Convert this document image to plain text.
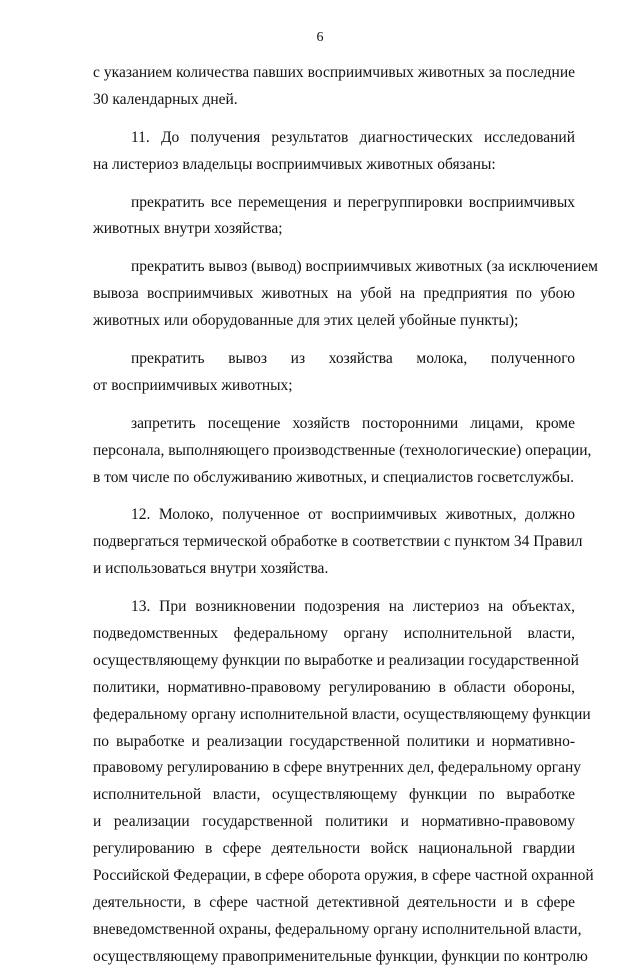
6
с указанием количества павших восприимчивых животных за последние
30 календарных дней.
11. До получения результатов диагностических исследований
на листериоз владельцы восприимчивых животных обязаны:
прекратить все перемещения и перегруппировки восприимчивых
животных внутри хозяйства;
прекратить вывоз (вывод) восприимчивых животных (за исключением
вывоза восприимчивых животных на убой на предприятия по убою
животных или оборудованные для этих целей убойные пункты);
прекратить вывоз из хозяйства молока, полученного
от восприимчивых животных;
запретить посещение хозяйств посторонними лицами, кроме
персонала, выполняющего производственные (технологические) операции,
в том числе по обслуживанию животных, и специалистов госветслужбы.
12. Молоко, полученное от восприимчивых животных, должно
подвергаться термической обработке в соответствии с пунктом 34 Правил
и использоваться внутри хозяйства.
13. При возникновении подозрения на листериоз на объектах,
подведомственных федеральному органу исполнительной власти,
осуществляющему функции по выработке и реализации государственной
политики, нормативно-правовому регулированию в области обороны,
федеральному органу исполнительной власти, осуществляющему функции
по выработке и реализации государственной политики и нормативно-
правовому регулированию в сфере внутренних дел, федеральному органу
исполнительной власти, осуществляющему функции по выработке
и реализации государственной политики и нормативно-правовому
регулированию в сфере деятельности войск национальной гвардии
Российской Федерации, в сфере оборота оружия, в сфере частной охранной
деятельности, в сфере частной детективной деятельности и в сфере
вневедомственной охраны, федеральному органу исполнительной власти,
осуществляющему правоприменительные функции, функции по контролю
